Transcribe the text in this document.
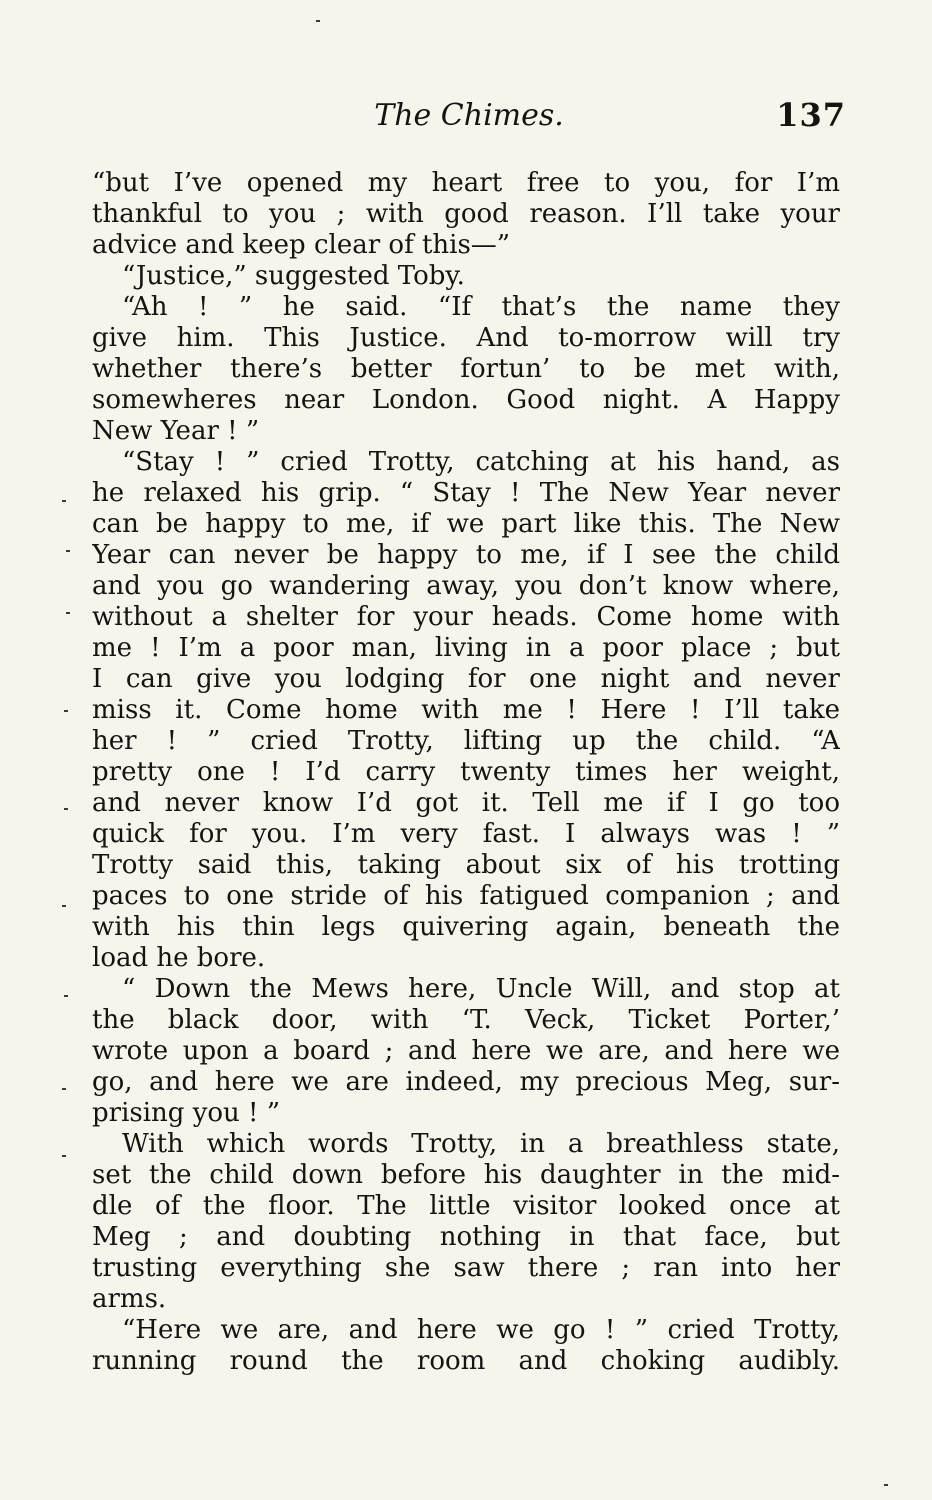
The Chimes.	137
“but I’ve opened my heart free to you, for I’m
thankful to you ; with good reason. I’ll take your
advice and keep clear of this—”
“Justice,” suggested Toby.
“Ah ! ” he said. “If that’s the name they
give him. This Justice. And to-morrow will try
whether there’s better fortun’ to be met with,
somewheres near London. Good night. A Happy
New Year ! ”
“Stay ! ” cried Trotty, catching at his hand, as
he relaxed his grip. “ Stay ! The New Year never
can be happy to me, if we part like this. The New
Year can never be happy to me, if I see the child
and you go wandering away, you don’t know where,
without a shelter for your heads. Come home with
me ! I’m a poor man, living in a poor place ; but
I can give you lodging for one night and never
miss it. Come home with me ! Here ! I’ll take
her ! ” cried Trotty, lifting up the child. “A
pretty one ! I’d carry twenty times her weight,
and never know I’d got it. Tell me if I go too
quick for you. I’m very fast. I always was ! ”
Trotty said this, taking about six of his trotting
paces to one stride of his fatigued companion ; and
with his thin legs quivering again, beneath the
load he bore.
“ Down the Mews here, Uncle Will, and stop at
the black door, with ‘T. Veck, Ticket Porter,’
wrote upon a board ; and here we are, and here we
go, and here we are indeed, my precious Meg, sur-
prising you ! ”
With which words Trotty, in a breathless state,
set the child down before his daughter in the mid-
dle of the floor. The little visitor looked once at
Meg ; and doubting nothing in that face, but
trusting everything she saw there ; ran into her
arms.
“Here we are, and here we go ! ” cried Trotty,
running round the room and choking audibly.
